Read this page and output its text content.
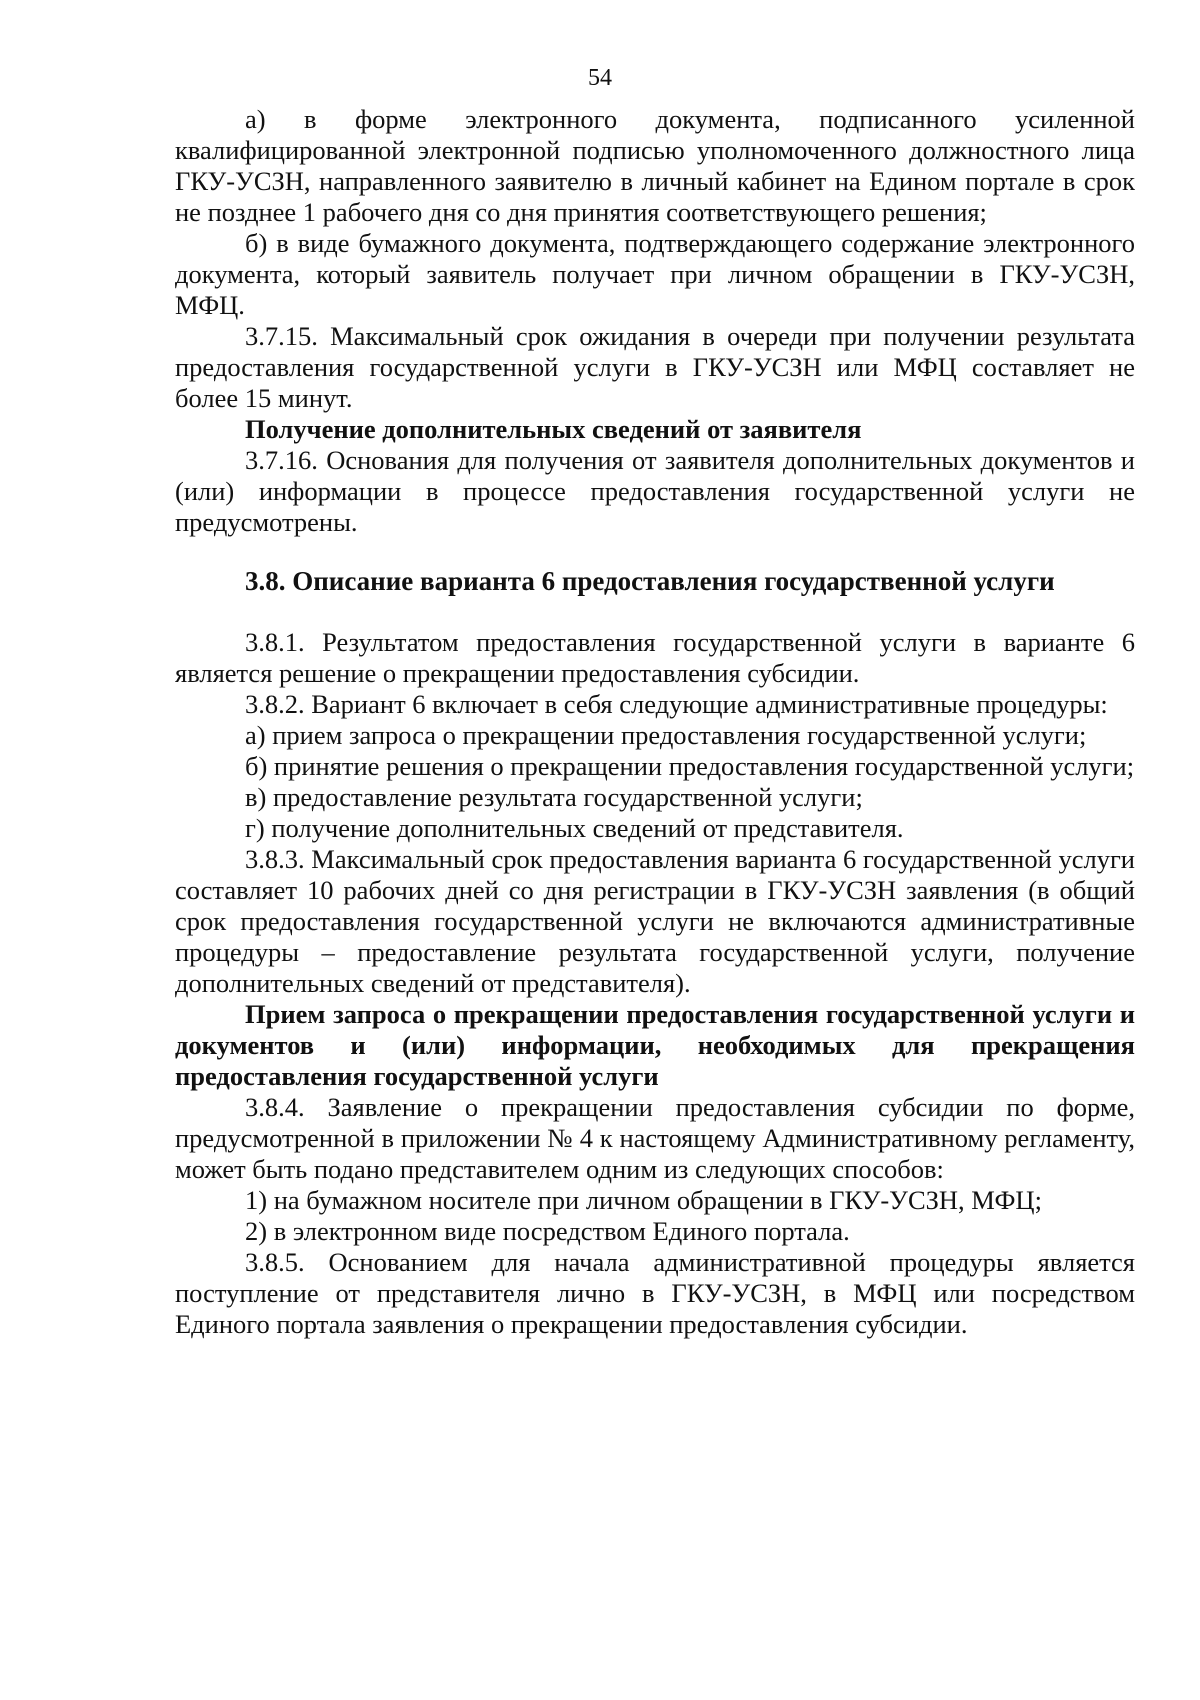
54

а) в форме электронного документа, подписанного усиленной квалифицированной электронной подписью уполномоченного должностного лица ГКУ-УСЗН, направленного заявителю в личный кабинет на Едином портале в срок не позднее 1 рабочего дня со дня принятия соответствующего решения;

б) в виде бумажного документа, подтверждающего содержание электронного документа, который заявитель получает при личном обращении в ГКУ-УСЗН, МФЦ.

3.7.15. Максимальный срок ожидания в очереди при получении результата предоставления государственной услуги в ГКУ-УСЗН или МФЦ составляет не более 15 минут.

Получение дополнительных сведений от заявителя

3.7.16. Основания для получения от заявителя дополнительных документов и (или) информации в процессе предоставления государственной услуги не предусмотрены.

3.8. Описание варианта 6 предоставления государственной услуги

3.8.1. Результатом предоставления государственной услуги в варианте 6 является решение о прекращении предоставления субсидии.

3.8.2. Вариант 6 включает в себя следующие административные процедуры:

а) прием запроса о прекращении предоставления государственной услуги;

б) принятие решения о прекращении предоставления государственной услуги;

в) предоставление результата государственной услуги;

г) получение дополнительных сведений от представителя.

3.8.3. Максимальный срок предоставления варианта 6 государственной услуги составляет 10 рабочих дней со дня регистрации в ГКУ-УСЗН заявления (в общий срок предоставления государственной услуги не включаются административные процедуры – предоставление результата государственной услуги, получение дополнительных сведений от представителя).

Прием запроса о прекращении предоставления государственной услуги и документов и (или) информации, необходимых для прекращения предоставления государственной услуги

3.8.4. Заявление о прекращении предоставления субсидии по форме, предусмотренной в приложении № 4 к настоящему Административному регламенту, может быть подано представителем одним из следующих способов:

1) на бумажном носителе при личном обращении в ГКУ-УСЗН, МФЦ;

2) в электронном виде посредством Единого портала.

3.8.5. Основанием для начала административной процедуры является поступление от представителя лично в ГКУ-УСЗН, в МФЦ или посредством Единого портала заявления о прекращении предоставления субсидии.
